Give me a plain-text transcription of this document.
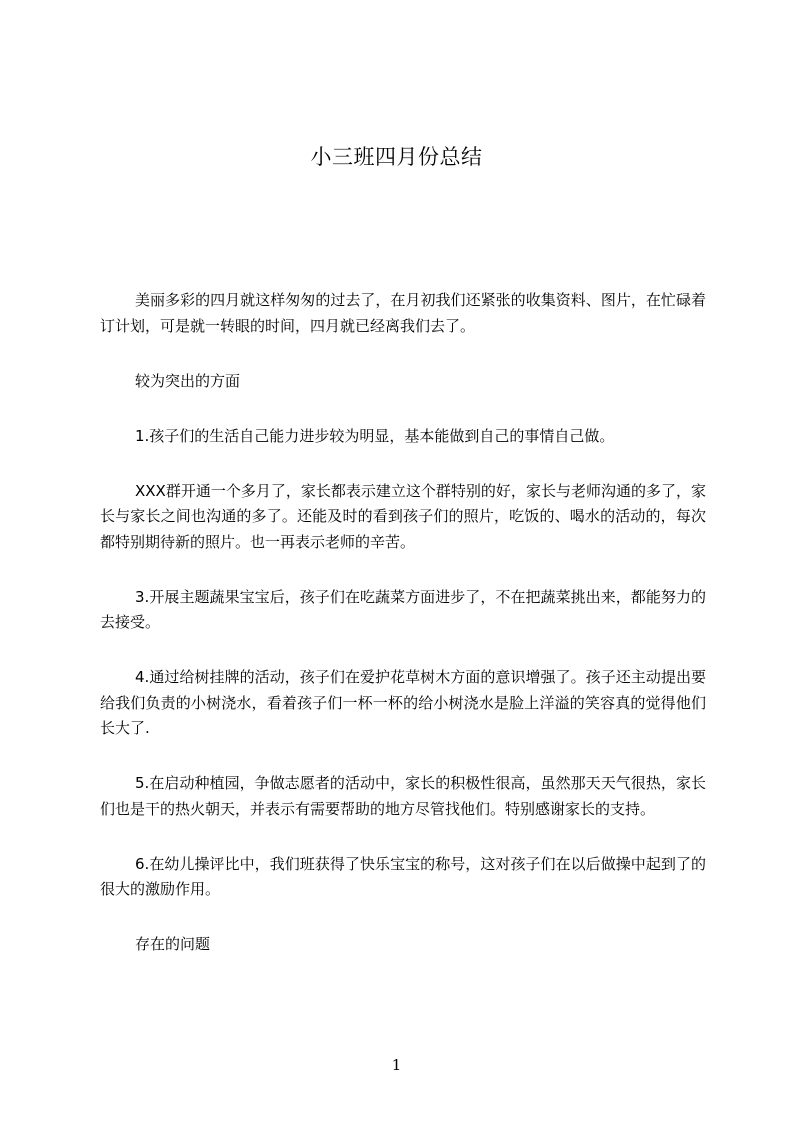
小三班四月份总结

美丽多彩的四月就这样匆匆的过去了，在月初我们还紧张的收集资料、图片，在忙碌着订计划，可是就一转眼的时间，四月就已经离我们去了。

较为突出的方面

1.孩子们的生活自己能力进步较为明显，基本能做到自己的事情自己做。

XXX群开通一个多月了，家长都表示建立这个群特别的好，家长与老师沟通的多了，家长与家长之间也沟通的多了。还能及时的看到孩子们的照片，吃饭的、喝水的活动的，每次都特别期待新的照片。也一再表示老师的辛苦。

3.开展主题蔬果宝宝后，孩子们在吃蔬菜方面进步了，不在把蔬菜挑出来，都能努力的去接受。

4.通过给树挂牌的活动，孩子们在爱护花草树木方面的意识增强了。孩子还主动提出要给我们负责的小树浇水，看着孩子们一杯一杯的给小树浇水是脸上洋溢的笑容真的觉得他们长大了.

5.在启动种植园，争做志愿者的活动中，家长的积极性很高，虽然那天天气很热，家长们也是干的热火朝天，并表示有需要帮助的地方尽管找他们。特别感谢家长的支持。

6.在幼儿操评比中，我们班获得了快乐宝宝的称号，这对孩子们在以后做操中起到了的很大的激励作用。

存在的问题

1
